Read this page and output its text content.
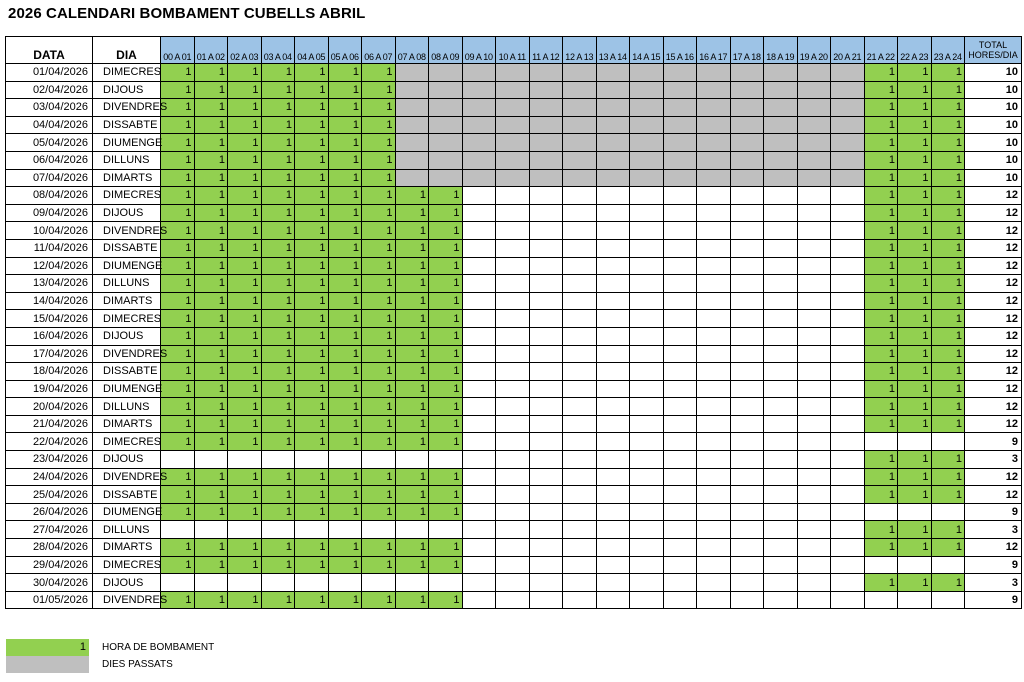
2026 CALENDARI BOMBAMENT CUBELLS ABRIL
DATA	DIA	00 A 01	01 A 02	02 A 03	03 A 04	04 A 05	05 A 06	06 A 07	07 A 08	08 A 09	09 A 10	10 A 11	11 A 12	12 A 13	13 A 14	14 A 15	15 A 16	16 A 17	17 A 18	18 A 19	19 A 20	20 A 21	21 A 22	22 A 23	23 A 24	TOTAL HORES/DIA
01/04/2026	DIMECRES	1	1	1	1	1	1	1															1	1	1	10
02/04/2026	DIJOUS	1	1	1	1	1	1	1															1	1	1	10
03/04/2026	DIVENDRES	1	1	1	1	1	1	1															1	1	1	10
04/04/2026	DISSABTE	1	1	1	1	1	1	1															1	1	1	10
05/04/2026	DIUMENGE	1	1	1	1	1	1	1															1	1	1	10
06/04/2026	DILLUNS	1	1	1	1	1	1	1															1	1	1	10
07/04/2026	DIMARTS	1	1	1	1	1	1	1															1	1	1	10
08/04/2026	DIMECRES	1	1	1	1	1	1	1	1	1													1	1	1	12
09/04/2026	DIJOUS	1	1	1	1	1	1	1	1	1													1	1	1	12
10/04/2026	DIVENDRES	1	1	1	1	1	1	1	1	1													1	1	1	12
11/04/2026	DISSABTE	1	1	1	1	1	1	1	1	1													1	1	1	12
12/04/2026	DIUMENGE	1	1	1	1	1	1	1	1	1													1	1	1	12
13/04/2026	DILLUNS	1	1	1	1	1	1	1	1	1													1	1	1	12
14/04/2026	DIMARTS	1	1	1	1	1	1	1	1	1													1	1	1	12
15/04/2026	DIMECRES	1	1	1	1	1	1	1	1	1													1	1	1	12
16/04/2026	DIJOUS	1	1	1	1	1	1	1	1	1													1	1	1	12
17/04/2026	DIVENDRES	1	1	1	1	1	1	1	1	1													1	1	1	12
18/04/2026	DISSABTE	1	1	1	1	1	1	1	1	1													1	1	1	12
19/04/2026	DIUMENGE	1	1	1	1	1	1	1	1	1													1	1	1	12
20/04/2026	DILLUNS	1	1	1	1	1	1	1	1	1													1	1	1	12
21/04/2026	DIMARTS	1	1	1	1	1	1	1	1	1													1	1	1	12
22/04/2026	DIMECRES	1	1	1	1	1	1	1	1	1																9
23/04/2026	DIJOUS																						1	1	1	3
24/04/2026	DIVENDRES	1	1	1	1	1	1	1	1	1													1	1	1	12
25/04/2026	DISSABTE	1	1	1	1	1	1	1	1	1													1	1	1	12
26/04/2026	DIUMENGE	1	1	1	1	1	1	1	1	1																9
27/04/2026	DILLUNS																						1	1	1	3
28/04/2026	DIMARTS	1	1	1	1	1	1	1	1	1													1	1	1	12
29/04/2026	DIMECRES	1	1	1	1	1	1	1	1	1																9
30/04/2026	DIJOUS																						1	1	1	3
01/05/2026	DIVENDRES	1	1	1	1	1	1	1	1	1																9
1	HORA DE BOMBAMENT
DIES PASSATS
